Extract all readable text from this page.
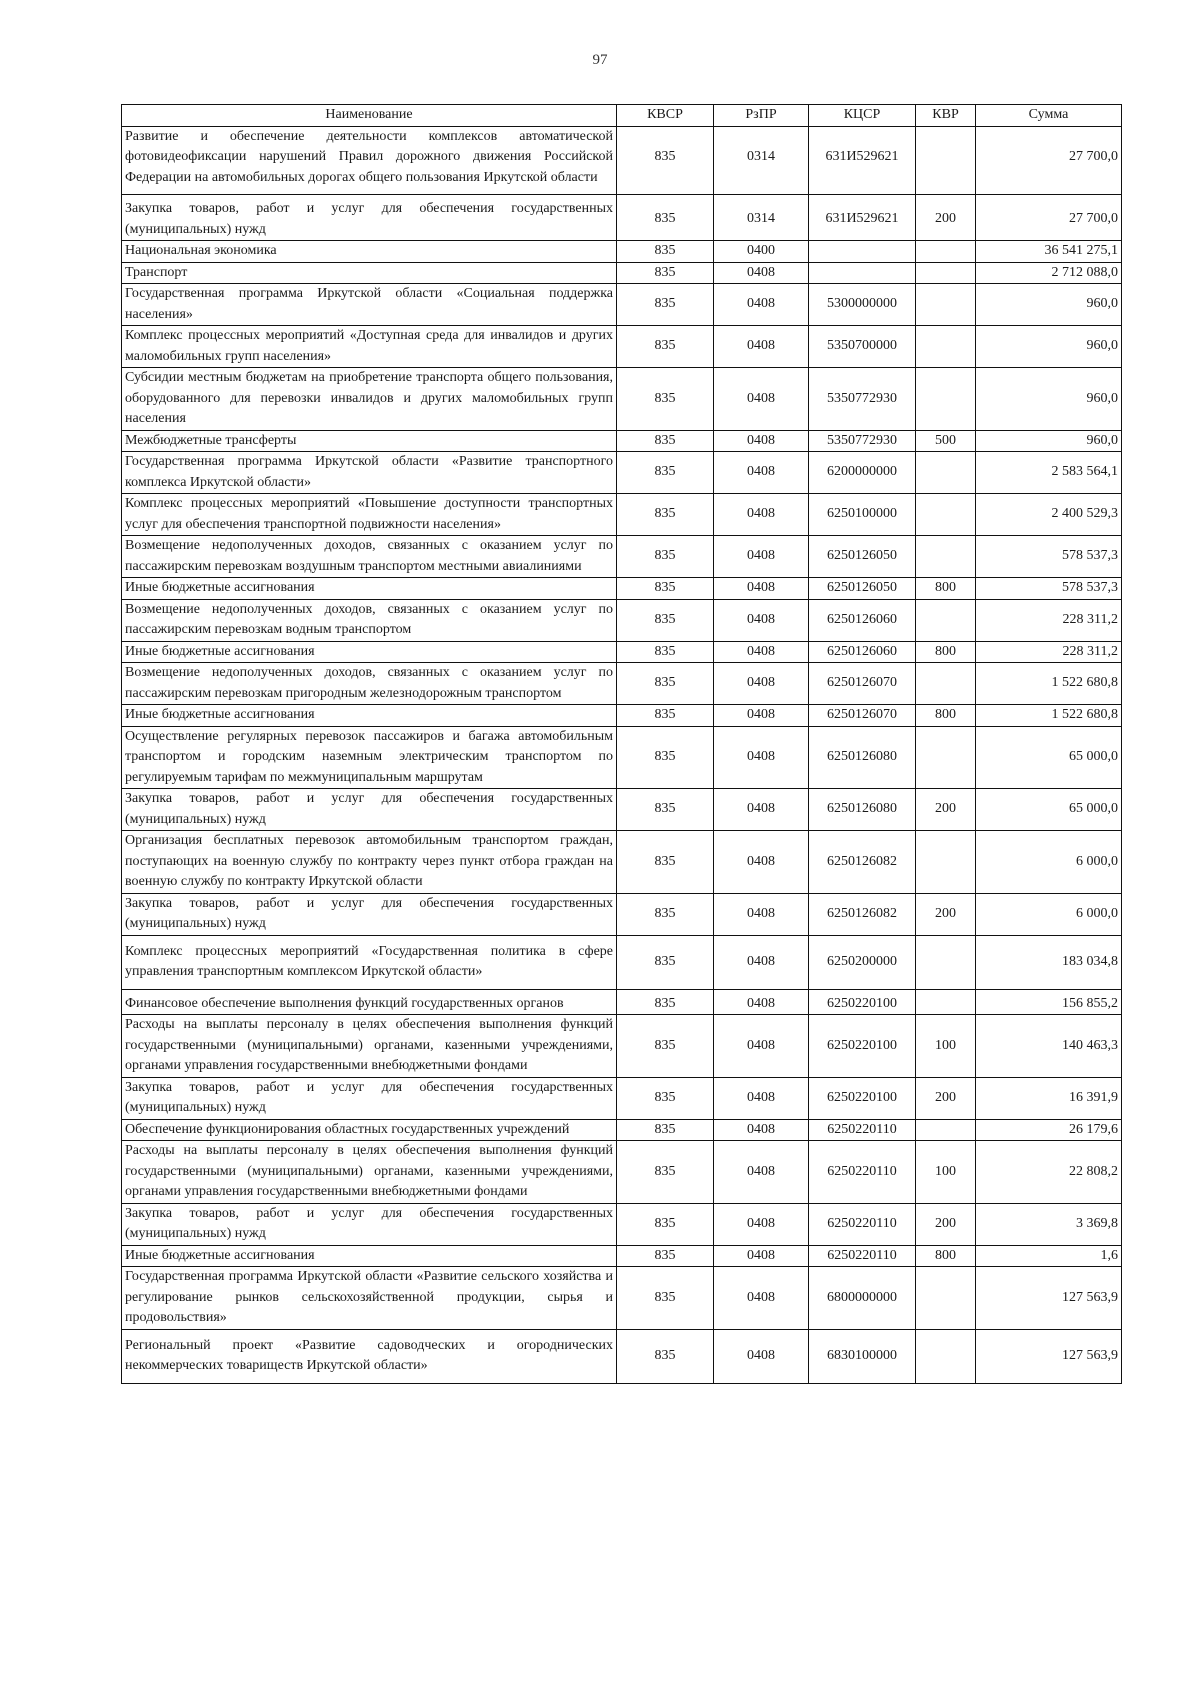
97
Наименование	КВСР	РзПР	КЦСР	КВР	Сумма
Развитие и обеспечение деятельности комплексов автоматической фотовидеофиксации нарушений Правил дорожного движения Российской Федерации на автомобильных дорогах общего пользования Иркутской области	835	0314	631И529621		27 700,0
Закупка товаров, работ и услуг для обеспечения государственных (муниципальных) нужд	835	0314	631И529621	200	27 700,0
Национальная экономика	835	0400			36 541 275,1
Транспорт	835	0408			2 712 088,0
Государственная программа Иркутской области «Социальная поддержка населения»	835	0408	5300000000		960,0
Комплекс процессных мероприятий «Доступная среда для инвалидов и других маломобильных групп населения»	835	0408	5350700000		960,0
Субсидии местным бюджетам на приобретение транспорта общего пользования, оборудованного для перевозки инвалидов и других маломобильных групп населения	835	0408	5350772930		960,0
Межбюджетные трансферты	835	0408	5350772930	500	960,0
Государственная программа Иркутской области «Развитие транспортного комплекса Иркутской области»	835	0408	6200000000		2 583 564,1
Комплекс процессных мероприятий «Повышение доступности транспортных услуг для обеспечения транспортной подвижности населения»	835	0408	6250100000		2 400 529,3
Возмещение недополученных доходов, связанных с оказанием услуг по пассажирским перевозкам воздушным транспортом местными авиалиниями	835	0408	6250126050		578 537,3
Иные бюджетные ассигнования	835	0408	6250126050	800	578 537,3
Возмещение недополученных доходов, связанных с оказанием услуг по пассажирским перевозкам водным транспортом	835	0408	6250126060		228 311,2
Иные бюджетные ассигнования	835	0408	6250126060	800	228 311,2
Возмещение недополученных доходов, связанных с оказанием услуг по пассажирским перевозкам пригородным железнодорожным транспортом	835	0408	6250126070		1 522 680,8
Иные бюджетные ассигнования	835	0408	6250126070	800	1 522 680,8
Осуществление регулярных перевозок пассажиров и багажа автомобильным транспортом и городским наземным электрическим транспортом по регулируемым тарифам по межмуниципальным маршрутам	835	0408	6250126080		65 000,0
Закупка товаров, работ и услуг для обеспечения государственных (муниципальных) нужд	835	0408	6250126080	200	65 000,0
Организация бесплатных перевозок автомобильным транспортом граждан, поступающих на военную службу по контракту через пункт отбора граждан на военную службу по контракту Иркутской области	835	0408	6250126082		6 000,0
Закупка товаров, работ и услуг для обеспечения государственных (муниципальных) нужд	835	0408	6250126082	200	6 000,0
Комплекс процессных мероприятий «Государственная политика в сфере управления транспортным комплексом Иркутской области»	835	0408	6250200000		183 034,8
Финансовое обеспечение выполнения функций государственных органов	835	0408	6250220100		156 855,2
Расходы на выплаты персоналу в целях обеспечения выполнения функций государственными (муниципальными) органами, казенными учреждениями, органами управления государственными внебюджетными фондами	835	0408	6250220100	100	140 463,3
Закупка товаров, работ и услуг для обеспечения государственных (муниципальных) нужд	835	0408	6250220100	200	16 391,9
Обеспечение функционирования областных государственных учреждений	835	0408	6250220110		26 179,6
Расходы на выплаты персоналу в целях обеспечения выполнения функций государственными (муниципальными) органами, казенными учреждениями, органами управления государственными внебюджетными фондами	835	0408	6250220110	100	22 808,2
Закупка товаров, работ и услуг для обеспечения государственных (муниципальных) нужд	835	0408	6250220110	200	3 369,8
Иные бюджетные ассигнования	835	0408	6250220110	800	1,6
Государственная программа Иркутской области «Развитие сельского хозяйства и регулирование рынков сельскохозяйственной продукции, сырья и продовольствия»	835	0408	6800000000		127 563,9
Региональный проект «Развитие садоводческих и огороднических некоммерческих товариществ Иркутской области»	835	0408	6830100000		127 563,9
